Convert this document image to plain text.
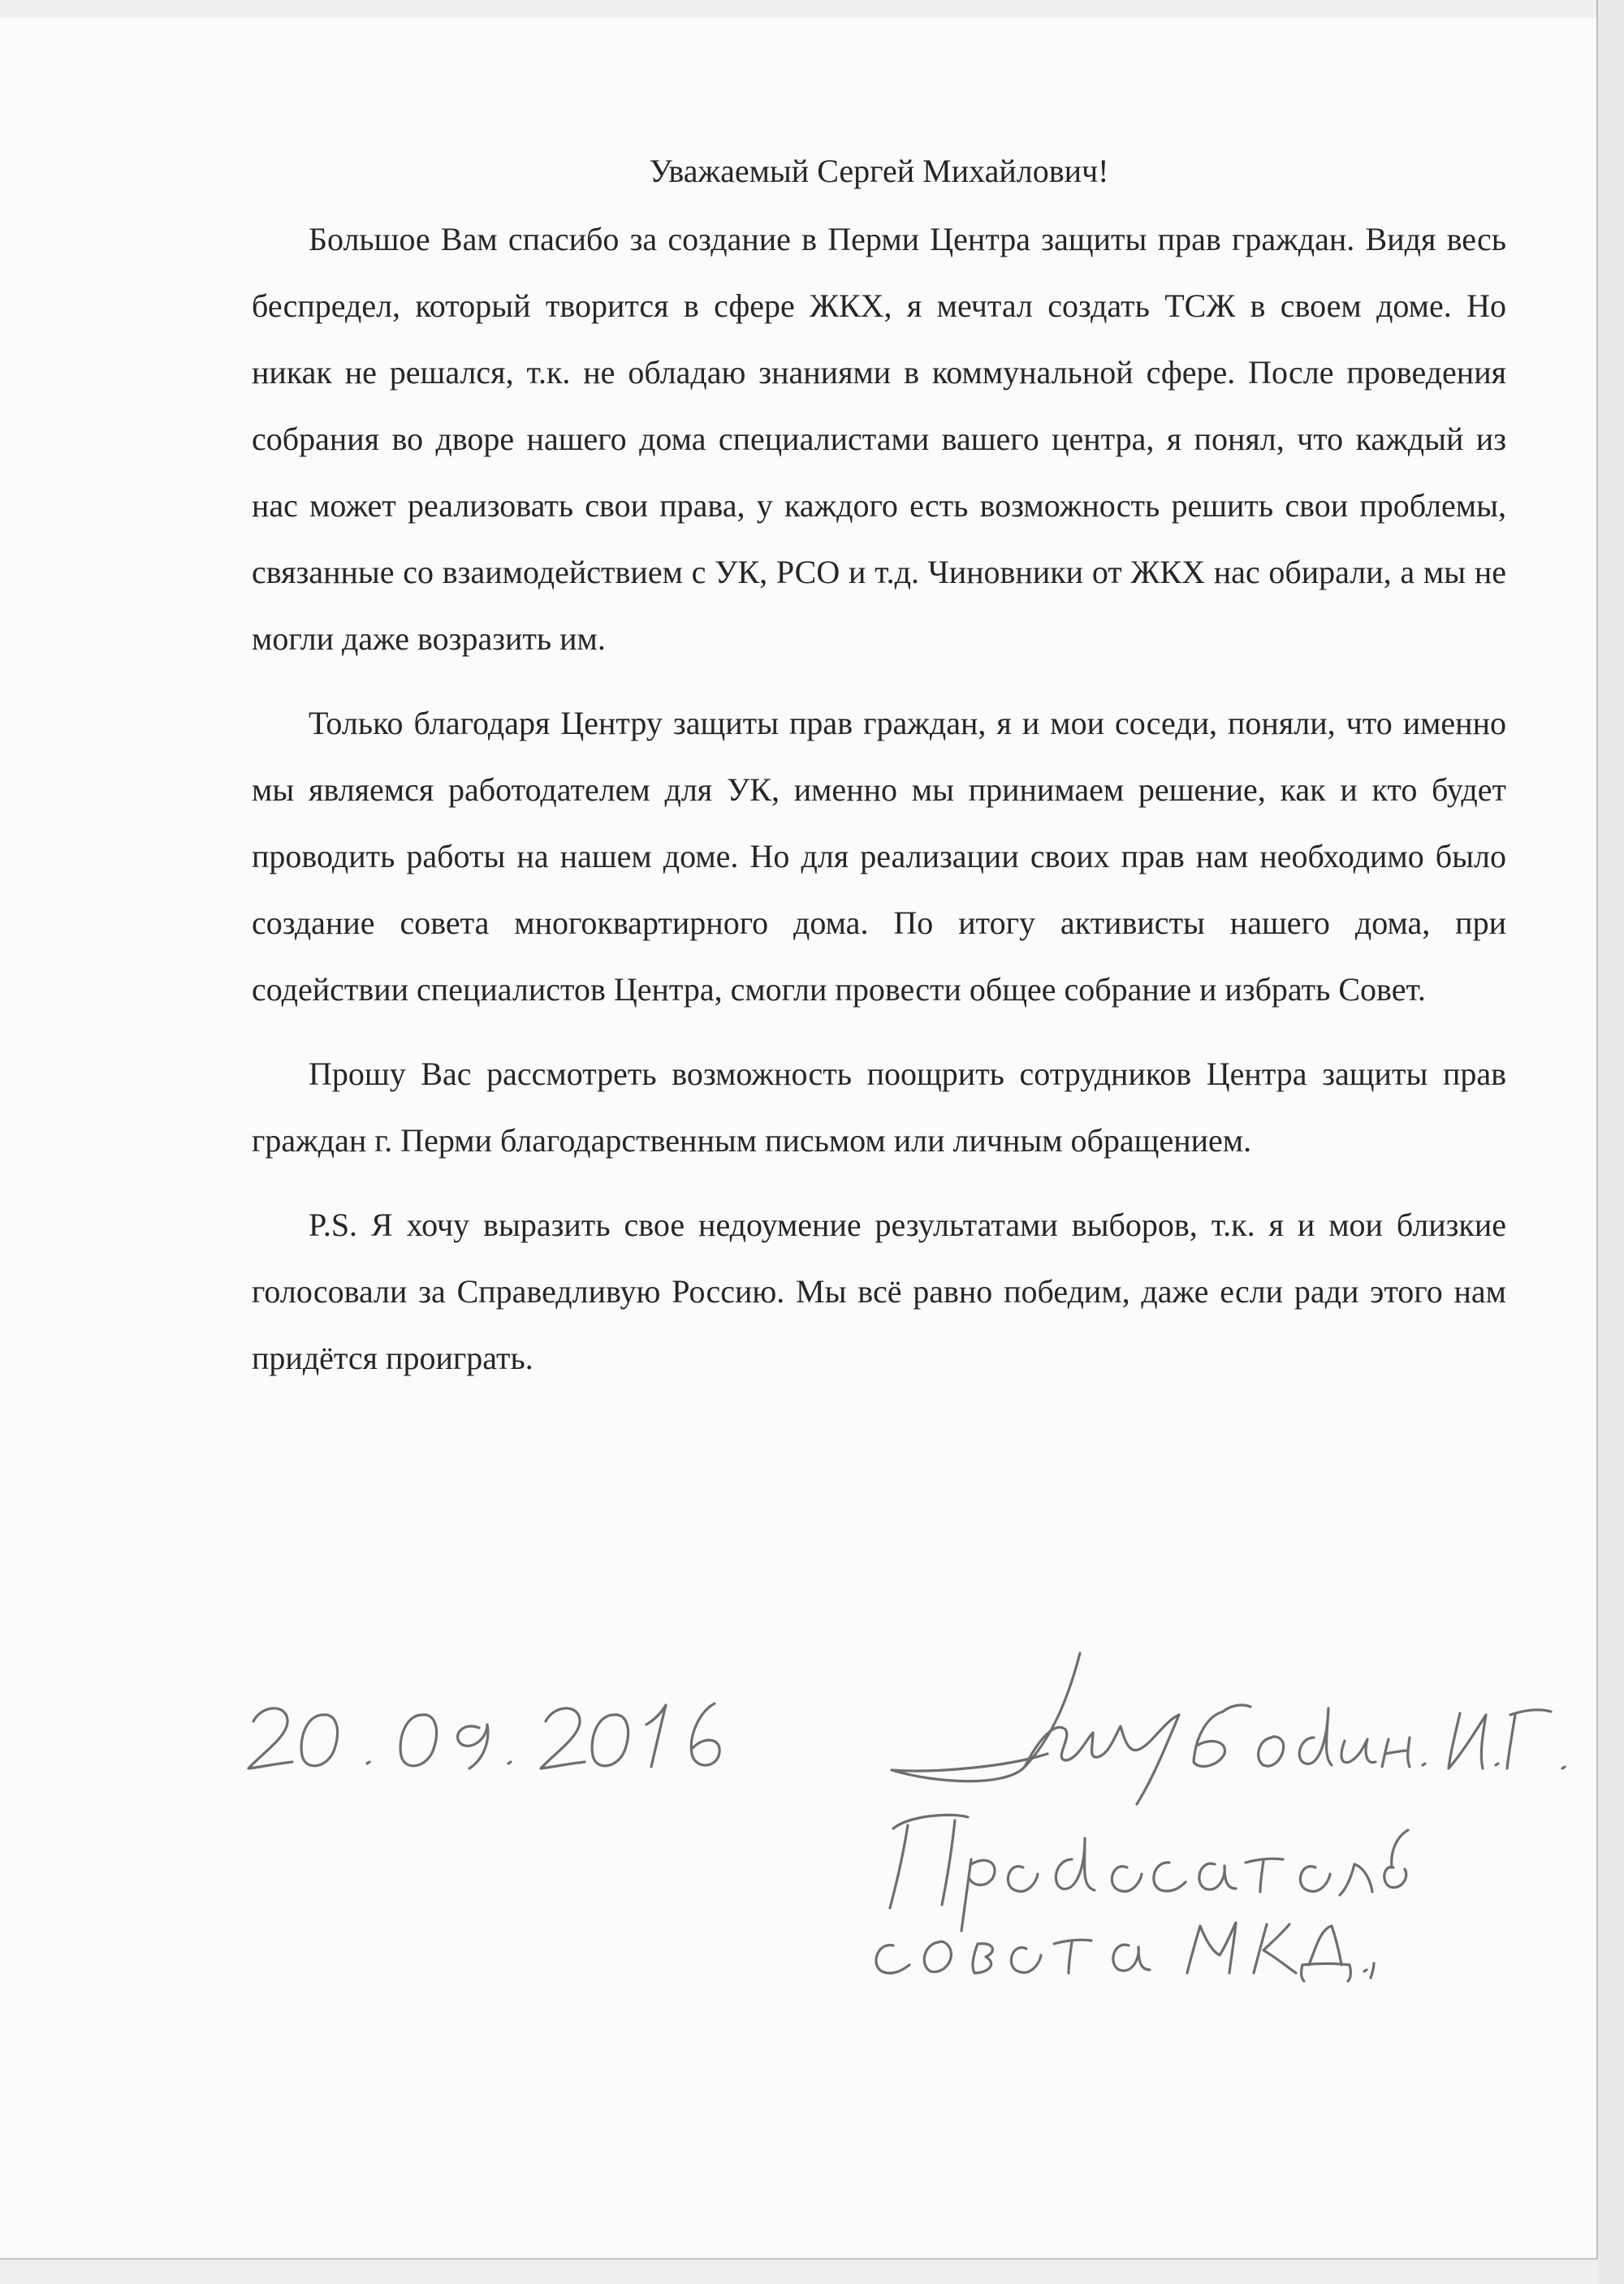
Уважаемый Сергей Михайлович!

Большое Вам спасибо за создание в Перми Центра защиты прав граждан. Видя весь беспредел, который творится в сфере ЖКХ, я мечтал создать ТСЖ в своем доме. Но никак не решался, т.к. не обладаю знаниями в коммунальной сфере. После проведения собрания во дворе нашего дома специалистами вашего центра, я понял, что каждый из нас может реализовать свои права, у каждого есть возможность решить свои проблемы, связанные со взаимодействием с УК, РСО и т.д. Чиновники от ЖКХ нас обирали, а мы не могли даже возразить им.

Только благодаря Центру защиты прав граждан, я и мои соседи, поняли, что именно мы являемся работодателем для УК, именно мы принимаем решение, как и кто будет проводить работы на нашем доме. Но для реализации своих прав нам необходимо было создание совета многоквартирного дома. По итогу активисты нашего дома, при содействии специалистов Центра, смогли провести общее собрание и избрать Совет.

Прошу Вас рассмотреть возможность поощрить сотрудников Центра защиты прав граждан г. Перми благодарственным письмом или личным обращением.

P.S. Я хочу выразить свое недоумение результатами выборов, т.к. я и мои близкие голосовали за Справедливую Россию. Мы всё равно победим, даже если ради этого нам придётся проиграть.
